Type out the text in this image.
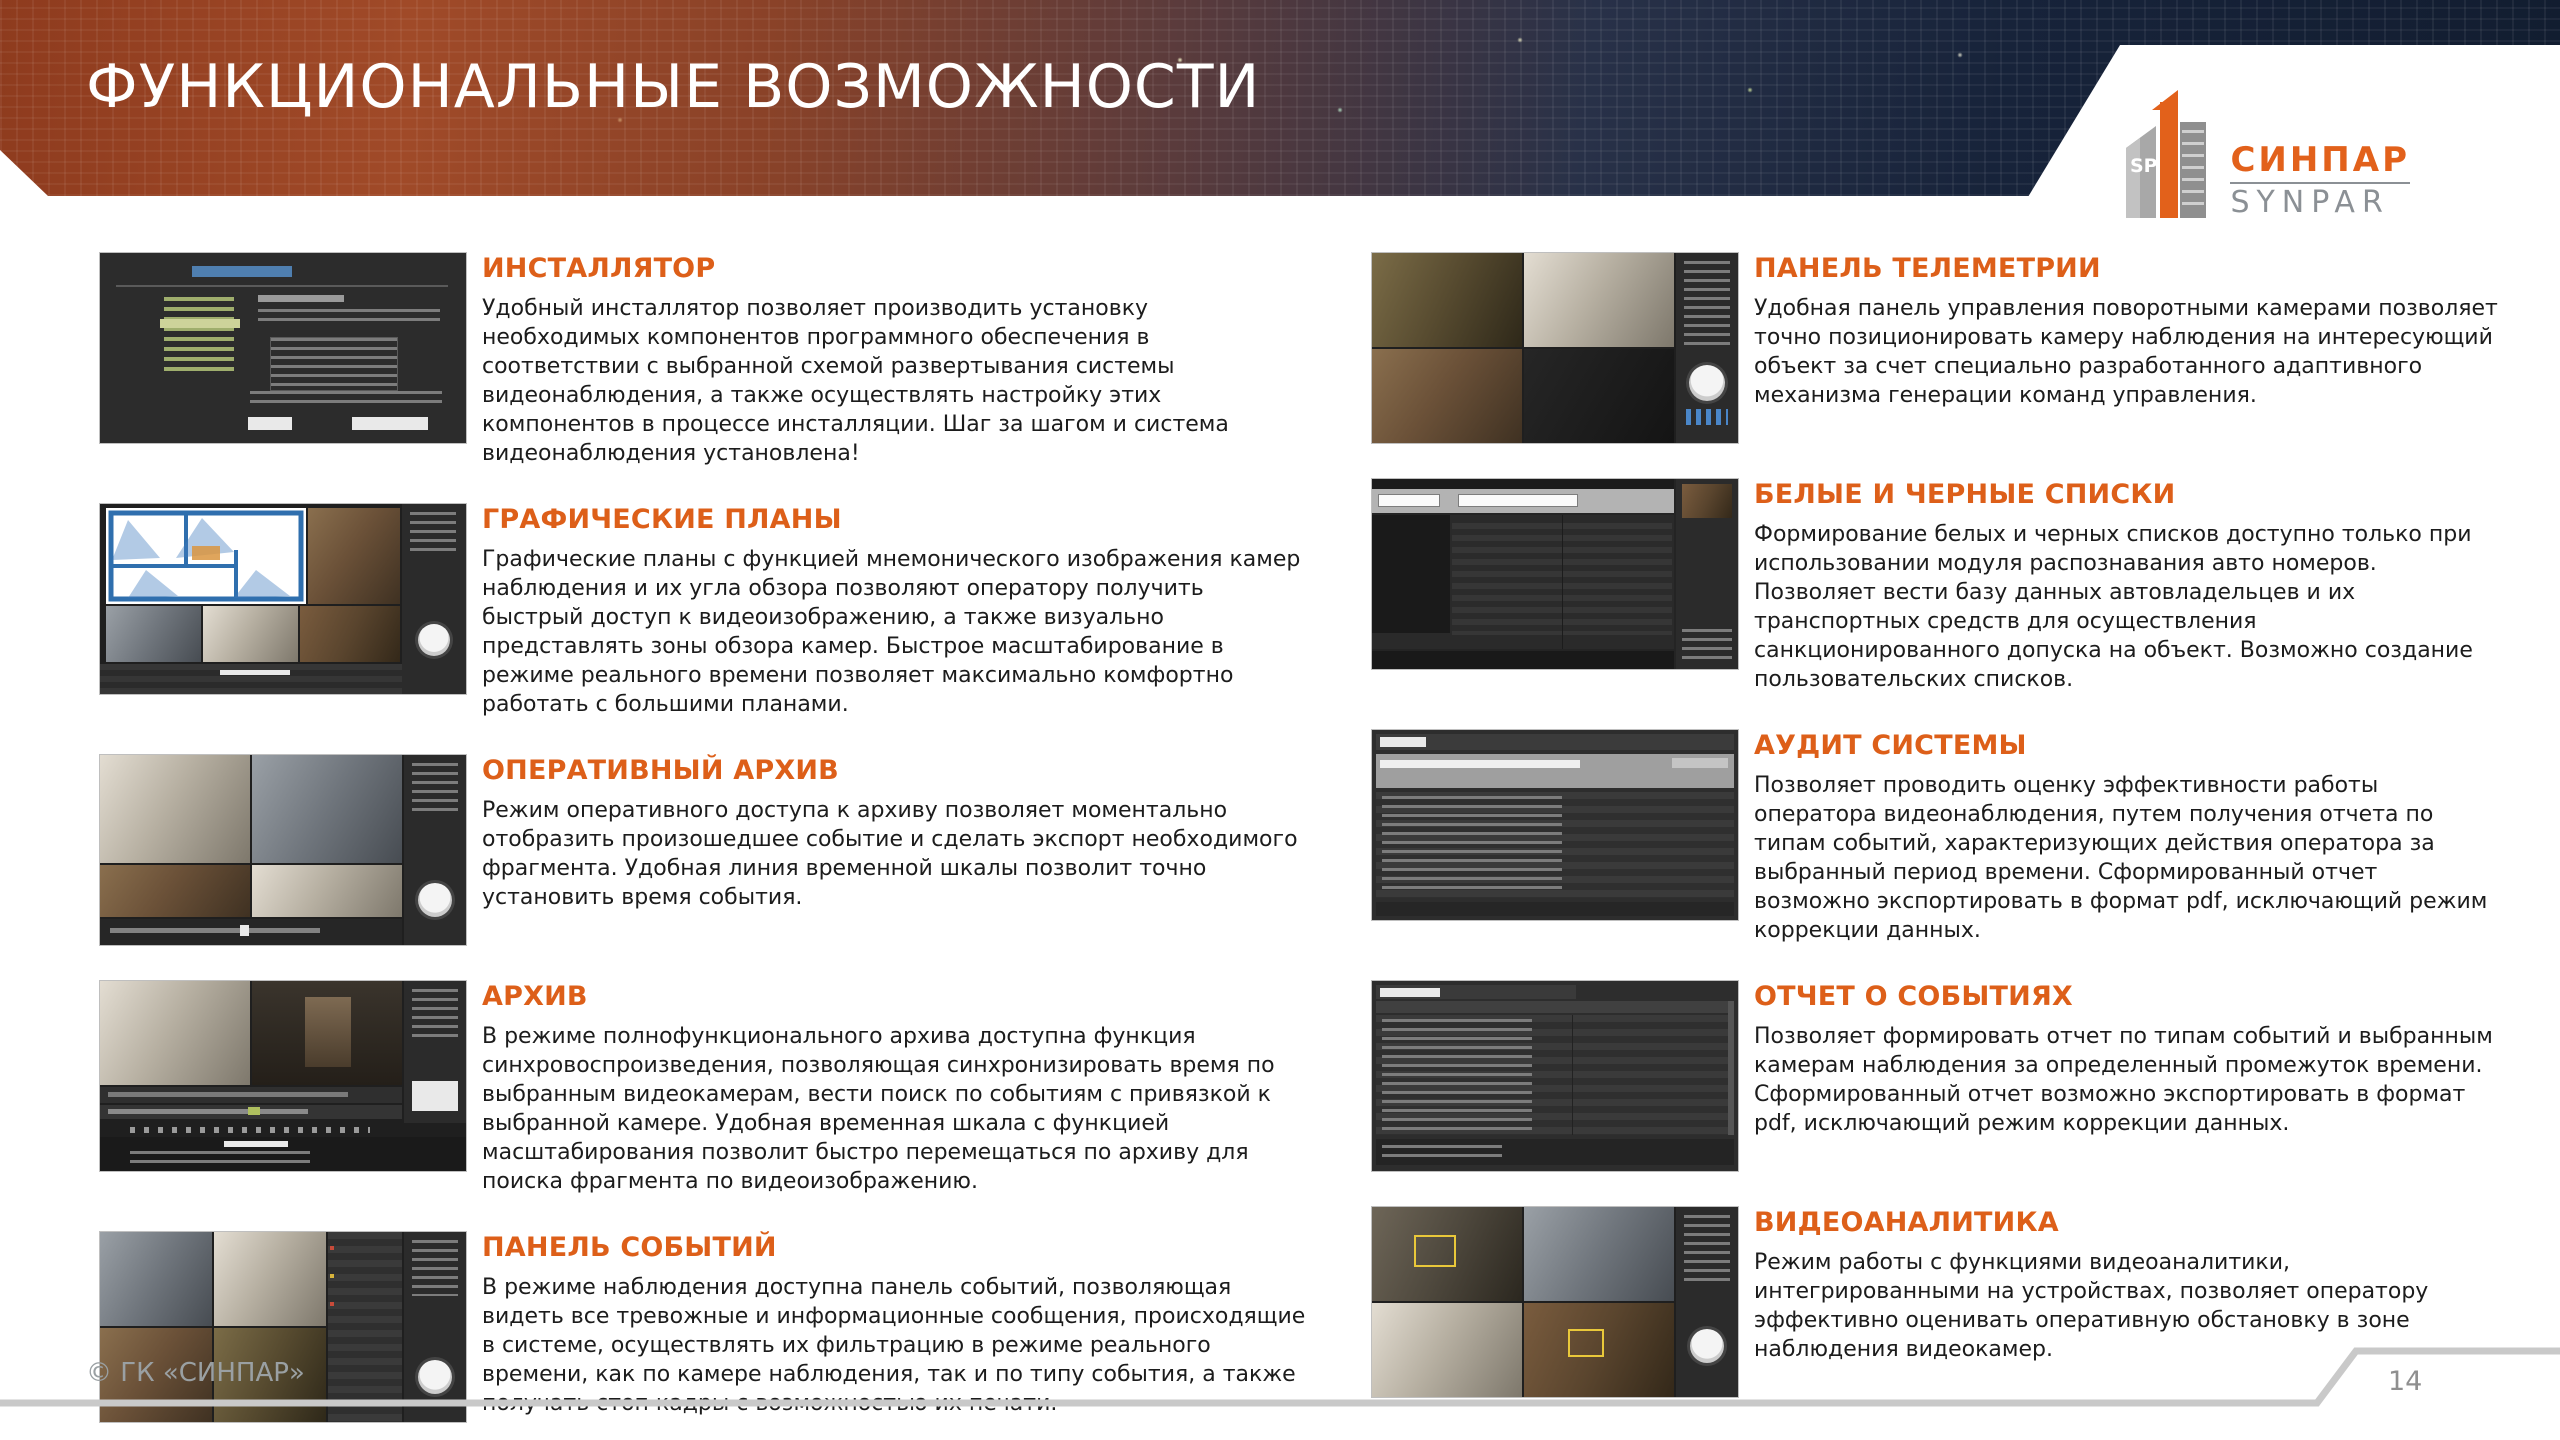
ФУНКЦИОНАЛЬНЫЕ ВОЗМОЖНОСТИ
SP СИНПАР
SYNPAR
ИНСТАЛЛЯТОР

Удобный инсталлятор позволяет производить установку необходимых компонентов программного обеспечения в соответствии с выбранной схемой развертывания системы видеонаблюдения, а также осуществлять настройку этих компонентов в процессе инсталляции. Шаг за шагом и система видеонаблюдения установлена!

ГРАФИЧЕСКИЕ ПЛАНЫ

Графические планы с функцией мнемонического изображения камер наблюдения и их угла обзора позволяют оператору получить быстрый доступ к видеоизображению, а также визуально представлять зоны обзора камер. Быстрое масштабирование в режиме реального времени позволяет максимально комфортно работать с большими планами.

ОПЕРАТИВНЫЙ АРХИВ

Режим оперативного доступа к архиву позволяет моментально отобразить произошедшее событие и сделать экспорт необходимого фрагмента. Удобная линия временной шкалы позволит точно установить время события.

АРХИВ

В режиме полнофункционального архива доступна функция синхровоспроизведения, позволяющая синхронизировать время по выбранным видеокамерам, вести поиск по событиям с привязкой к выбранной камере. Удобная временная шкала с функцией масштабирования позволит быстро перемещаться по архиву для поиска фрагмента по видеоизображению.

ПАНЕЛЬ СОБЫТИЙ

В режиме наблюдения доступна панель событий, позволяющая видеть все тревожные и информационные сообщения, происходящие в системе, осуществлять их фильтрацию в режиме реального времени, как по камере наблюдения, так и по типу события, а также получать стоп кадры с возможностью их печати.

ПАНЕЛЬ ТЕЛЕМЕТРИИ

Удобная панель управления поворотными камерами позволяет точно позиционировать камеру наблюдения на интересующий объект за счет специально разработанного адаптивного механизма генерации команд управления.

БЕЛЫЕ И ЧЕРНЫЕ СПИСКИ

Формирование белых и черных списков доступно только при использовании модуля распознавания авто номеров. Позволяет вести базу данных автовладельцев и их транспортных средств для осуществления санкционированного допуска на объект. Возможно создание пользовательских списков.

АУДИТ СИСТЕМЫ

Позволяет проводить оценку эффективности работы оператора видеонаблюдения, путем получения отчета по типам событий, характеризующих действия оператора за выбранный период времени. Сформированный отчет возможно экспортировать в формат pdf, исключающий режим коррекции данных.

ОТЧЕТ О СОБЫТИЯХ

Позволяет формировать отчет по типам событий и выбранным камерам наблюдения за определенный промежуток времени. Сформированный отчет возможно экспортировать в формат pdf, исключающий режим коррекции данных.

ВИДЕОАНАЛИТИКА

Режим работы с функциями видеоаналитики, интегрированными на устройствах, позволяет оператору эффективно оценивать оперативную обстановку в зоне наблюдения видеокамер.

© ГК «СИНПАР»	14
